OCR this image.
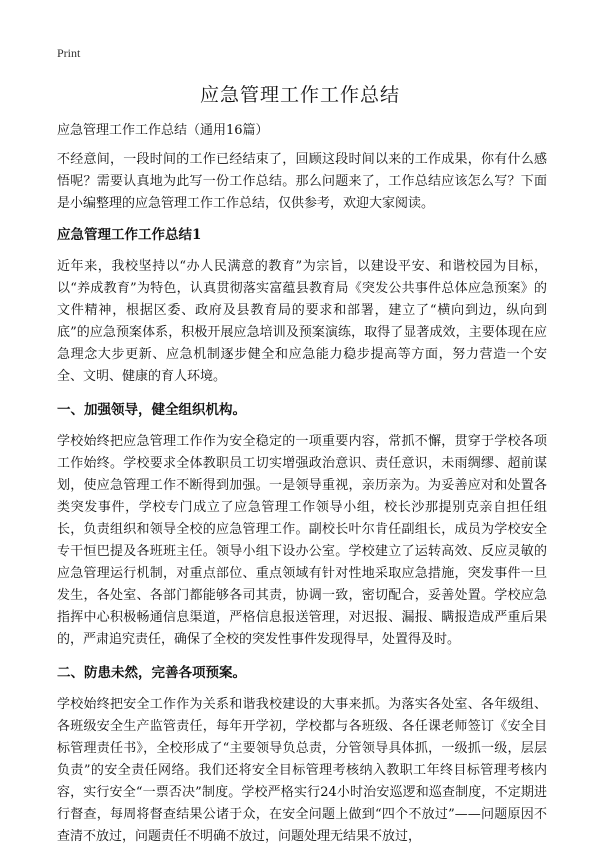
Print
应急管理工作工作总结

应急管理工作工作总结（通用16篇）

不经意间，一段时间的工作已经结束了，回顾这段时间以来的工作成果，你有什么感悟呢？需要认真地为此写一份工作总结。那么问题来了，工作总结应该怎么写？下面是小编整理的应急管理工作工作总结，仅供参考，欢迎大家阅读。

应急管理工作工作总结1

近年来，我校坚持以“办人民满意的教育”为宗旨，以建设平安、和谐校园为目标，以“养成教育”为特色，认真贯彻落实富蕴县教育局《突发公共事件总体应急预案》的文件精神，根据区委、政府及县教育局的要求和部署，建立了“横向到边，纵向到底”的应急预案体系，积极开展应急培训及预案演练，取得了显著成效，主要体现在应急理念大步更新、应急机制逐步健全和应急能力稳步提高等方面，努力营造一个安全、文明、健康的育人环境。

一、加强领导，健全组织机构。

学校始终把应急管理工作作为安全稳定的一项重要内容，常抓不懈，贯穿于学校各项工作始终。学校要求全体教职员工切实增强政治意识、责任意识，未雨绸缪、超前谋划，使应急管理工作不断得到加强。一是领导重视，亲历亲为。为妥善应对和处置各类突发事件，学校专门成立了应急管理工作领导小组，校长沙那提别克亲自担任组长，负责组织和领导全校的应急管理工作。副校长叶尔肯任副组长，成员为学校安全专干恒巴提及各班班主任。领导小组下设办公室。学校建立了运转高效、反应灵敏的应急管理运行机制，对重点部位、重点领域有针对性地采取应急措施，突发事件一旦发生，各处室、各部门都能够各司其责，协调一致，密切配合，妥善处置。学校应急指挥中心积极畅通信息渠道，严格信息报送管理，对迟报、漏报、瞒报造成严重后果的，严肃追究责任，确保了全校的突发性事件发现得早，处置得及时。

二、防患未然，完善各项预案。

学校始终把安全工作作为关系和谐我校建设的大事来抓。为落实各处室、各年级组、各班级安全生产监管责任，每年开学初，学校都与各班级、各任课老师签订《安全目标管理责任书》，全校形成了“主要领导负总责，分管领导具体抓，一级抓一级，层层负责”的安全责任网络。我们还将安全目标管理考核纳入教职工年终目标管理考核内容，实行安全“一票否决”制度。学校严格实行24小时治安巡逻和巡查制度，不定期进行督查，每周将督查结果公诸于众，在安全问题上做到“四个不放过”——问题原因不查清不放过，问题责任不明确不放过，问题处理无结果不放过，
